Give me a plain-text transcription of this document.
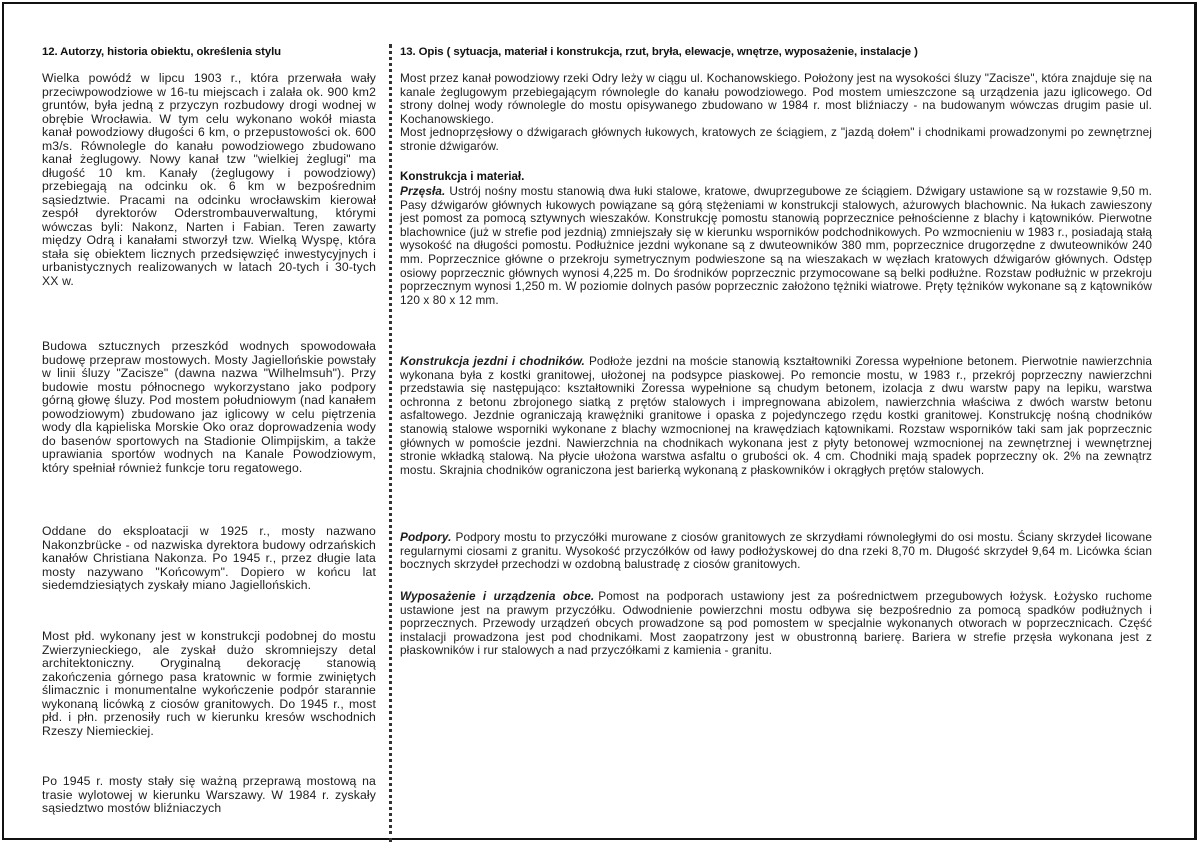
12. Autorzy, historia obiektu, określenia stylu

Wielka powódź w lipcu 1903 r., która przerwała wały przeciwpowodziowe w 16-tu miejscach i zalała ok. 900 km2 gruntów, była jedną z przyczyn rozbudowy drogi wodnej w obrębie Wrocławia. W tym celu wykonano wokół miasta kanał powodziowy długości 6 km, o przepustowości ok. 600 m3/s. Równolegle do kanału powodziowego zbudowano kanał żeglugowy. Nowy kanał tzw "wielkiej żeglugi" ma długość 10 km. Kanały (żeglugowy i powodziowy) przebiegają na odcinku ok. 6 km w bezpośrednim sąsiedztwie. Pracami na odcinku wrocławskim kierował zespół dyrektorów Oderstrombauverwaltung, którymi wówczas byli: Nakonz, Narten i Fabian. Teren zawarty między Odrą i kanałami stworzył tzw. Wielką Wyspę, która stała się obiektem licznych przedsięwzięć inwestycyjnych i urbanistycznych realizowanych w latach 20-tych i 30-tych XX w.

Budowa sztucznych przeszkód wodnych spowodowała budowę przepraw mostowych. Mosty Jagiellońskie powstały w linii śluzy "Zacisze" (dawna nazwa "Wilhelmsuh"). Przy budowie mostu północnego wykorzystano jako podpory górną głowę śluzy. Pod mostem południowym (nad kanałem powodziowym) zbudowano jaz iglicowy w celu piętrzenia wody dla kąpieliska Morskie Oko oraz doprowadzenia wody do basenów sportowych na Stadionie Olimpijskim, a także uprawiania sportów wodnych na Kanale Powodziowym, który spełniał również funkcje toru regatowego.

Oddane do eksploatacji w 1925 r., mosty nazwano Nakonzbrücke - od nazwiska dyrektora budowy odrzańskich kanałów Christiana Nakonza. Po 1945 r., przez długie lata mosty nazywano "Końcowym". Dopiero w końcu lat siedemdziesiątych zyskały miano Jagiellońskich.

Most płd. wykonany jest w konstrukcji podobnej do mostu Zwierzynieckiego, ale zyskał dużo skromniejszy detal architektoniczny. Oryginalną dekorację stanowią zakończenia górnego pasa kratownic w formie zwiniętych ślimacznic i monumentalne wykończenie podpór starannie wykonaną licówką z ciosów granitowych. Do 1945 r., most płd. i płn. przenosiły ruch w kierunku kresów wschodnich Rzeszy Niemieckiej.

Po 1945 r. mosty stały się ważną przeprawą mostową na trasie wylotowej w kierunku Warszawy. W 1984 r. zyskały sąsiedztwo mostów bliźniaczych

13. Opis ( sytuacja, materiał i konstrukcja, rzut, bryła, elewacje, wnętrze, wyposażenie, instalacje )

Most przez kanał powodziowy rzeki Odry leży w ciągu ul. Kochanowskiego. Położony jest na wysokości śluzy "Zacisze", która znajduje się na kanale żeglugowym przebiegającym równolegle do kanału powodziowego. Pod mostem umieszczone są urządzenia jazu iglicowego. Od strony dolnej wody równolegle do mostu opisywanego zbudowano w 1984 r. most bliźniaczy - na budowanym wówczas drugim pasie ul. Kochanowskiego.
Most jednoprzęsłowy o dźwigarach głównych łukowych, kratowych ze ściągiem, z "jazdą dołem" i chodnikami prowadzonymi po zewnętrznej stronie dźwigarów.

Konstrukcja i materiał.

Przęsła. Ustrój nośny mostu stanowią dwa łuki stalowe, kratowe, dwuprzegubowe ze ściągiem. Dźwigary ustawione są w rozstawie 9,50 m. Pasy dźwigarów głównych łukowych powiązane są górą stężeniami w konstrukcji stalowych, ażurowych blachownic. Na łukach zawieszony jest pomost za pomocą sztywnych wieszaków. Konstrukcję pomostu stanowią poprzecznice pełnościenne z blachy i kątowników. Pierwotne blachownice (już w strefie pod jezdnią) zmniejszały się w kierunku wsporników podchodnikowych. Po wzmocnieniu w 1983 r., posiadają stałą wysokość na długości pomostu. Podłużnice jezdni wykonane są z dwuteowników 380 mm, poprzecznice drugorzędne z dwuteowników 240 mm. Poprzecznice główne o przekroju symetrycznym podwieszone są na wieszakach w węzłach kratowych dźwigarów głównych. Odstęp osiowy poprzecznic głównych wynosi 4,225 m. Do środników poprzecznic przymocowane są belki podłużne. Rozstaw podłużnic w przekroju poprzecznym wynosi 1,250 m. W poziomie dolnych pasów poprzecznic założono tężniki wiatrowe. Pręty tężników wykonane są z kątowników 120 x 80 x 12 mm.

Konstrukcja jezdni i chodników. Podłoże jezdni na moście stanowią kształtowniki Zoressa wypełnione betonem. Pierwotnie nawierzchnia wykonana była z kostki granitowej, ułożonej na podsypce piaskowej. Po remoncie mostu, w 1983 r., przekrój poprzeczny nawierzchni przedstawia się następująco: kształtowniki Zoressa wypełnione są chudym betonem, izolacja z dwu warstw papy na lepiku, warstwa ochronna z betonu zbrojonego siatką z prętów stalowych i impregnowana abizolem, nawierzchnia właściwa z dwóch warstw betonu asfaltowego. Jezdnie ograniczają krawężniki granitowe i opaska z pojedynczego rzędu kostki granitowej. Konstrukcję nośną chodników stanowią stalowe wsporniki wykonane z blachy wzmocnionej na krawędziach kątownikami. Rozstaw wsporników taki sam jak poprzecznic głównych w pomoście jezdni. Nawierzchnia na chodnikach wykonana jest z płyty betonowej wzmocnionej na zewnętrznej i wewnętrznej stronie wkładką stalową. Na płycie ułożona warstwa asfaltu o grubości ok. 4 cm. Chodniki mają spadek poprzeczny ok. 2% na zewnątrz mostu. Skrajnia chodników ograniczona jest barierką wykonaną z płaskowników i okrągłych prętów stalowych.

Podpory. Podpory mostu to przyczółki murowane z ciosów granitowych ze skrzydłami równoległymi do osi mostu. Ściany skrzydeł licowane regularnymi ciosami z granitu. Wysokość przyczółków od ławy podłożyskowej do dna rzeki 8,70 m. Długość skrzydeł 9,64 m. Licówka ścian bocznych skrzydeł przechodzi w ozdobną balustradę z ciosów granitowych.

Wyposażenie i urządzenia obce. Pomost na podporach ustawiony jest za pośrednictwem przegubowych łożysk. Łożysko ruchome ustawione jest na prawym przyczółku. Odwodnienie powierzchni mostu odbywa się bezpośrednio za pomocą spadków podłużnych i poprzecznych. Przewody urządzeń obcych prowadzone są pod pomostem w specjalnie wykonanych otworach w poprzecznicach. Część instalacji prowadzona jest pod chodnikami. Most zaopatrzony jest w obustronną barierę. Bariera w strefie przęsła wykonana jest z płaskowników i rur stalowych a nad przyczółkami z kamienia - granitu.
